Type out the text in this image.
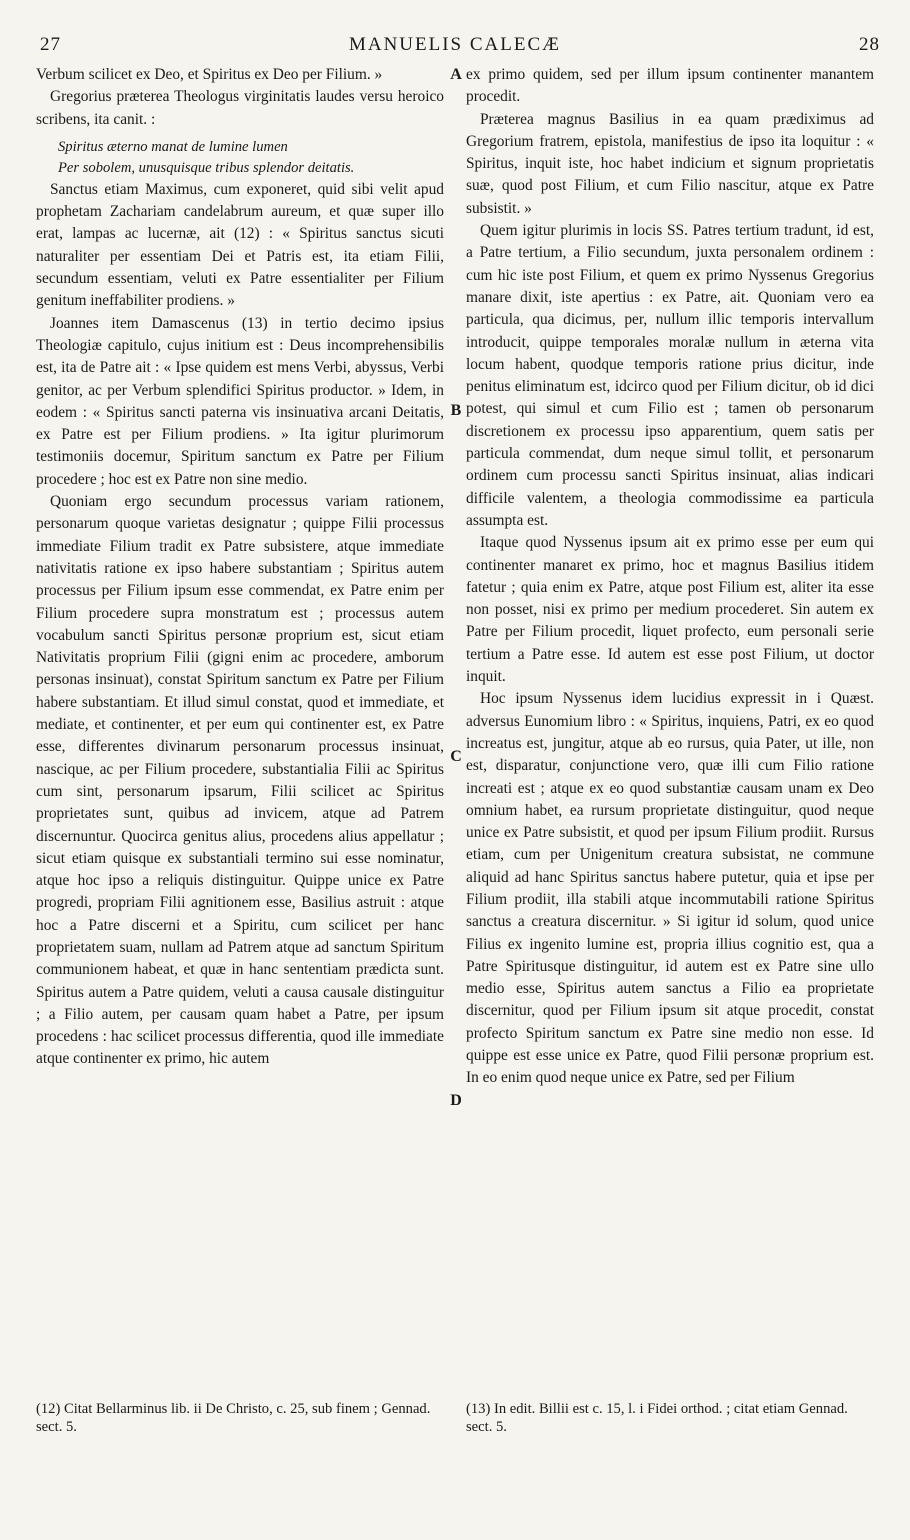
27	MANUELIS CALECÆ	28
A
B
C
D

Verbum scilicet ex Deo, et Spiritus ex Deo per Filium. »

Gregorius præterea Theologus virginitatis laudes versu heroico scribens, ita canit. :

Spiritus æterno manat de lumine lumen

Per sobolem, unusquisque tribus splendor deitatis.

Sanctus etiam Maximus, cum exponeret, quid sibi velit apud prophetam Zachariam candelabrum aureum, et quæ super illo erat, lampas ac lucernæ, ait (12) : « Spiritus sanctus sicuti naturaliter per essentiam Dei et Patris est, ita etiam Filii, secundum essentiam, veluti ex Patre essentialiter per Filium genitum ineffabiliter prodiens. »

Joannes item Damascenus (13) in tertio decimo ipsius Theologiæ capitulo, cujus initium est : Deus incomprehensibilis est, ita de Patre ait : « Ipse quidem est mens Verbi, abyssus, Verbi genitor, ac per Verbum splendifici Spiritus productor. » Idem, in eodem : « Spiritus sancti paterna vis insinuativa arcani Deitatis, ex Patre est per Filium prodiens. » Ita igitur plurimorum testimoniis docemur, Spiritum sanctum ex Patre per Filium procedere ; hoc est ex Patre non sine medio.

Quoniam ergo secundum processus variam rationem, personarum quoque varietas designatur ; quippe Filii processus immediate Filium tradit ex Patre subsistere, atque immediate nativitatis ratione ex ipso habere substantiam ; Spiritus autem processus per Filium ipsum esse commendat, ex Patre enim per Filium procedere supra monstratum est ; processus autem vocabulum sancti Spiritus personæ proprium est, sicut etiam Nativitatis proprium Filii (gigni enim ac procedere, amborum personas insinuat), constat Spiritum sanctum ex Patre per Filium habere substantiam. Et illud simul constat, quod et immediate, et mediate, et continenter, et per eum qui continenter est, ex Patre esse, differentes divinarum personarum processus insinuat, nascique, ac per Filium procedere, substantialia Filii ac Spiritus cum sint, personarum ipsarum, Filii scilicet ac Spiritus proprietates sunt, quibus ad invicem, atque ad Patrem discernuntur. Quocirca genitus alius, procedens alius appellatur ; sicut etiam quisque ex substantiali termino sui esse nominatur, atque hoc ipso a reliquis distinguitur. Quippe unice ex Patre progredi, propriam Filii agnitionem esse, Basilius astruit : atque hoc a Patre discerni et a Spiritu, cum scilicet per hanc proprietatem suam, nullam ad Patrem atque ad sanctum Spiritum communionem habeat, et quæ in hanc sententiam prædicta sunt. Spiritus autem a Patre quidem, veluti a causa causale distinguitur ; a Filio autem, per causam quam habet a Patre, per ipsum procedens : hac scilicet processus differentia, quod ille immediate atque continenter ex primo, hic autem

ex primo quidem, sed per illum ipsum continenter manantem procedit.

Præterea magnus Basilius in ea quam prædiximus ad Gregorium fratrem, epistola, manifestius de ipso ita loquitur : « Spiritus, inquit iste, hoc habet indicium et signum proprietatis suæ, quod post Filium, et cum Filio nascitur, atque ex Patre subsistit. »

Quem igitur plurimis in locis SS. Patres tertium tradunt, id est, a Patre tertium, a Filio secundum, juxta personalem ordinem : cum hic iste post Filium, et quem ex primo Nyssenus Gregorius manare dixit, iste apertius : ex Patre, ait. Quoniam vero ea particula, qua dicimus, per, nullum illic temporis intervallum introducit, quippe temporales moralæ nullum in æterna vita locum habent, quodque temporis ratione prius dicitur, inde penitus eliminatum est, idcirco quod per Filium dicitur, ob id dici potest, qui simul et cum Filio est ; tamen ob personarum discretionem ex processu ipso apparentium, quem satis per particula commendat, dum neque simul tollit, et personarum ordinem cum processu sancti Spiritus insinuat, alias indicari difficile valentem, a theologia commodissime ea particula assumpta est.

Itaque quod Nyssenus ipsum ait ex primo esse per eum qui continenter manaret ex primo, hoc et magnus Basilius itidem fatetur ; quia enim ex Patre, atque post Filium est, aliter ita esse non posset, nisi ex primo per medium procederet. Sin autem ex Patre per Filium procedit, liquet profecto, eum personali serie tertium a Patre esse. Id autem est esse post Filium, ut doctor inquit.

Hoc ipsum Nyssenus idem lucidius expressit in i Quæst. adversus Eunomium libro : « Spiritus, inquiens, Patri, ex eo quod increatus est, jungitur, atque ab eo rursus, quia Pater, ut ille, non est, disparatur, conjunctione vero, quæ illi cum Filio ratione increati est ; atque ex eo quod substantiæ causam unam ex Deo omnium habet, ea rursum proprietate distinguitur, quod neque unice ex Patre subsistit, et quod per ipsum Filium prodiit. Rursus etiam, cum per Unigenitum creatura subsistat, ne commune aliquid ad hanc Spiritus sanctus habere putetur, quia et ipse per Filium prodiit, illa stabili atque incommutabili ratione Spiritus sanctus a creatura discernitur. » Si igitur id solum, quod unice Filius ex ingenito lumine est, propria illius cognitio est, qua a Patre Spiritusque distinguitur, id autem est ex Patre sine ullo medio esse, Spiritus autem sanctus a Filio ea proprietate discernitur, quod per Filium ipsum sit atque procedit, constat profecto Spiritum sanctum ex Patre sine medio non esse. Id quippe est esse unice ex Patre, quod Filii personæ proprium est. In eo enim quod neque unice ex Patre, sed per Filium

(12) Citat Bellarminus lib. ii De Christo, c. 25, sub finem ; Gennad. sect. 5.

(13) In edit. Billii est c. 15, l. i Fidei orthod. ; citat etiam Gennad. sect. 5.
